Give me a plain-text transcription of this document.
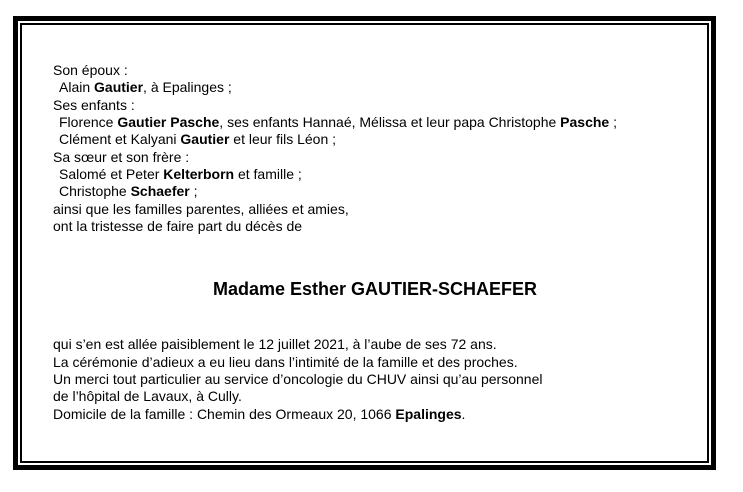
Son époux :
Alain Gautier, à Epalinges ;
Ses enfants :
Florence Gautier Pasche, ses enfants Hannaé, Mélissa et leur papa Christophe Pasche ;
Clément et Kalyani Gautier et leur fils Léon ;
Sa sœur et son frère :
Salomé et Peter Kelterborn et famille ;
Christophe Schaefer ;
ainsi que les familles parentes, alliées et amies,
ont la tristesse de faire part du décès de
Madame Esther GAUTIER-SCHAEFER
qui s’en est allée paisiblement le 12 juillet 2021, à l’aube de ses 72 ans.
La cérémonie d’adieux a eu lieu dans l’intimité de la famille et des proches.
Un merci tout particulier au service d’oncologie du CHUV ainsi qu’au personnel
de l’hôpital de Lavaux, à Cully.
Domicile de la famille : Chemin des Ormeaux 20, 1066 Epalinges.
